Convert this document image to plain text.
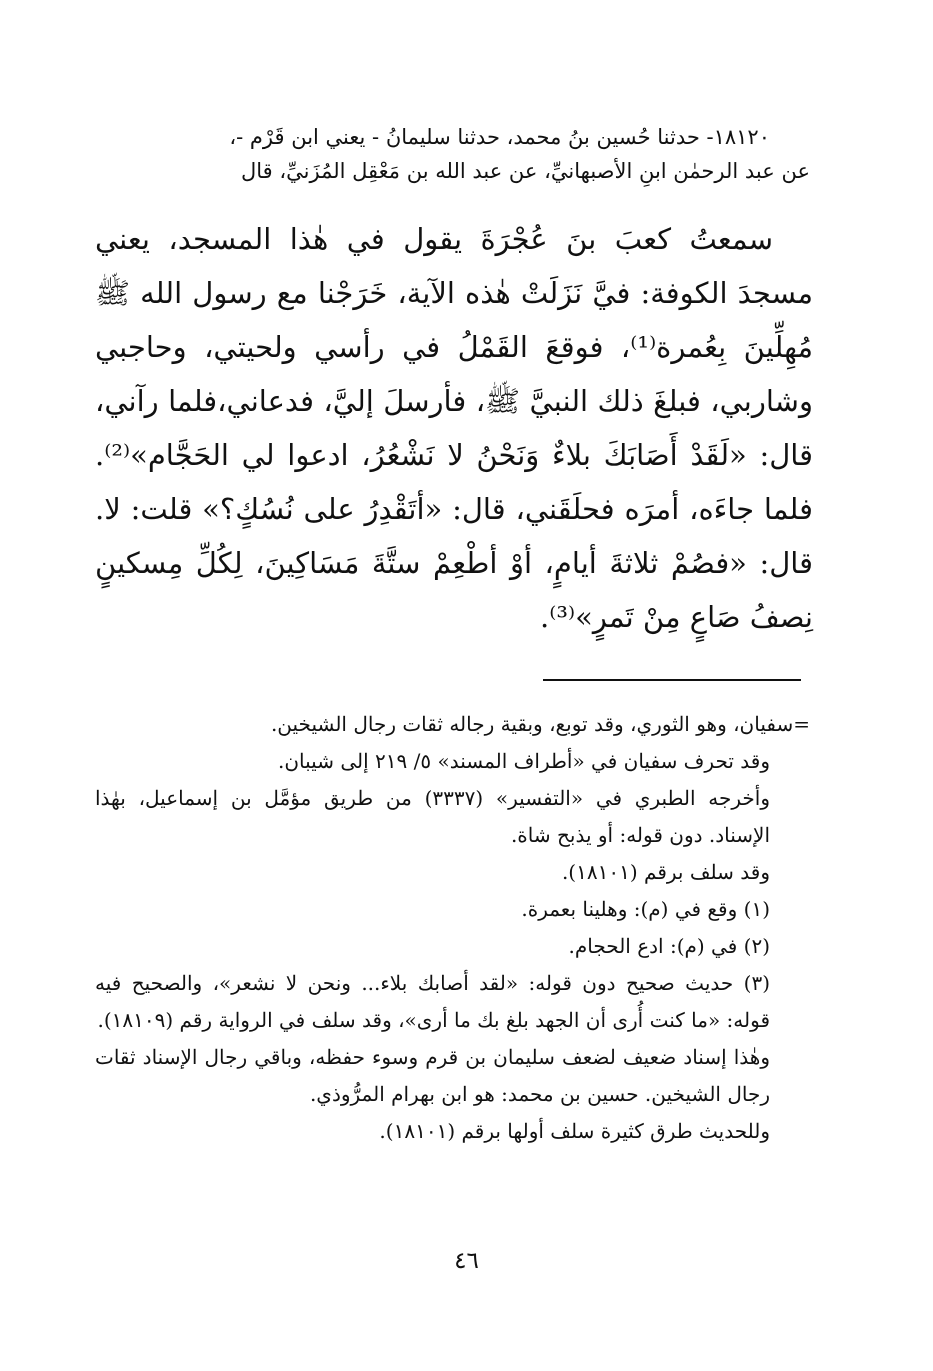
١٨١٢٠- حدثنا حُسين بنُ محمد، حدثنا سليمانُ - يعني ابن قَرْم -،

عن عبد الرحمٰن ابنِ الأصبهانيِّ، عن عبد الله بن مَعْقِل المُزَنيِّ، قال

سمعتُ كعبَ بنَ عُجْرَةَ يقول في هٰذا المسجد، يعني مسجدَ الكوفة: فيَّ نَزَلَتْ هٰذه الآية، خَرَجْنا مع رسول الله ﷺ مُهِلِّينَ بِعُمرة⁽¹⁾، فوقعَ القَمْلُ في رأسي ولحيتي، وحاجبي وشاربي، فبلغَ ذلك النبيَّ ﷺ، فأرسلَ إليَّ، فدعاني،فلما رآني، قال: «لَقَدْ أَصَابَكَ بلاءٌ وَنَحْنُ لا نَشْعُرُ، ادعوا لي الحَجَّام»⁽²⁾. فلما جاءَه، أمرَه فحلَقَني، قال: «أتَقْدِرُ على نُسُكٍ؟» قلت: لا. قال: «فصُمْ ثلاثةَ أيامٍ، أوْ أطْعِمْ ستَّةَ مَسَاكِينَ، لِكُلِّ مِسكينٍ نِصفُ صَاعٍ مِنْ تَمرٍ»⁽³⁾.

=سفيان، وهو الثوري، وقد توبع، وبقية رجاله ثقات رجال الشيخين.

وقد تحرف سفيان في «أطراف المسند» ٥/ ٢١٩ إلى شيبان.

وأخرجه الطبري في «التفسير» (٣٣٣٧) من طريق مؤمَّل بن إسماعيل، بهٰذا الإسناد. دون قوله: أو يذبح شاة.

وقد سلف برقم (١٨١٠١).

(١) وقع في (م): وهلينا بعمرة.

(٢) في (م): ادع الحجام.

(٣) حديث صحيح دون قوله: «لقد أصابك بلاء... ونحن لا نشعر»، والصحيح فيه قوله: «ما كنت أُرى أن الجهد بلغ بك ما أرى»، وقد سلف في الرواية رقم (١٨١٠٩).

وهٰذا إسناد ضعيف لضعف سليمان بن قرم وسوء حفظه، وباقي رجال الإسناد ثقات رجال الشيخين. حسين بن محمد: هو ابن بهرام المرُّوذي.

وللحديث طرق كثيرة سلف أولها برقم (١٨١٠١).

٤٦
